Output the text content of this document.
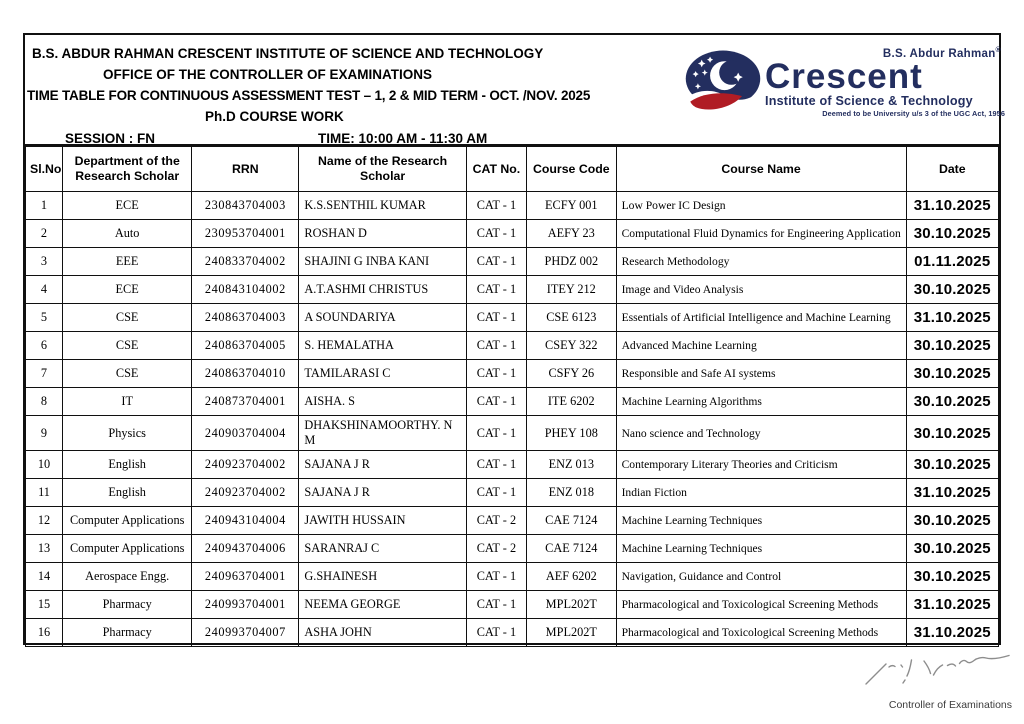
B.S. ABDUR RAHMAN CRESCENT INSTITUTE OF SCIENCE AND TECHNOLOGY
OFFICE OF THE CONTROLLER OF EXAMINATIONS
TIME TABLE FOR CONTINUOUS ASSESSMENT TEST – 1, 2 & MID TERM - OCT. /NOV. 2025
Ph.D COURSE WORK
SESSION : FN	TIME: 10:00 AM - 11:30 AM
B.S. Abdur Rahman®
Crescent
Institute of Science & Technology
Deemed to be University u/s 3 of the UGC Act, 1956
Sl.No	Department of the Research Scholar	RRN	Name of the Research Scholar	CAT No.	Course Code	Course Name	Date
1	ECE	230843704003	K.S.SENTHIL KUMAR	CAT - 1	ECFY 001	Low Power IC Design	31.10.2025
2	Auto	230953704001	ROSHAN D	CAT - 1	AEFY 23	Computational Fluid Dynamics for Engineering Application	30.10.2025
3	EEE	240833704002	SHAJINI G INBA KANI	CAT - 1	PHDZ 002	Research Methodology	01.11.2025
4	ECE	240843104002	A.T.ASHMI CHRISTUS	CAT - 1	ITEY 212	Image and Video Analysis	30.10.2025
5	CSE	240863704003	A SOUNDARIYA	CAT - 1	CSE 6123	Essentials of Artificial Intelligence and Machine Learning	31.10.2025
6	CSE	240863704005	S. HEMALATHA	CAT - 1	CSEY 322	Advanced Machine Learning	30.10.2025
7	CSE	240863704010	TAMILARASI C	CAT - 1	CSFY 26	Responsible and Safe AI systems	30.10.2025
8	IT	240873704001	AISHA. S	CAT - 1	ITE 6202	Machine Learning Algorithms	30.10.2025
9	Physics	240903704004	DHAKSHINAMOORTHY. N M	CAT - 1	PHEY 108	Nano science and Technology	30.10.2025
10	English	240923704002	SAJANA J R	CAT - 1	ENZ 013	Contemporary Literary Theories and Criticism	30.10.2025
11	English	240923704002	SAJANA J R	CAT - 1	ENZ 018	Indian Fiction	31.10.2025
12	Computer Applications	240943104004	JAWITH HUSSAIN	CAT - 2	CAE 7124	Machine Learning Techniques	30.10.2025
13	Computer Applications	240943704006	SARANRAJ C	CAT - 2	CAE 7124	Machine Learning Techniques	30.10.2025
14	Aerospace Engg.	240963704001	G.SHAINESH	CAT - 1	AEF 6202	Navigation, Guidance and Control	30.10.2025
15	Pharmacy	240993704001	NEEMA GEORGE	CAT - 1	MPL202T	Pharmacological and Toxicological Screening Methods	31.10.2025
16	Pharmacy	240993704007	ASHA JOHN	CAT - 1	MPL202T	Pharmacological and Toxicological Screening Methods	31.10.2025
Controller of Examinations
